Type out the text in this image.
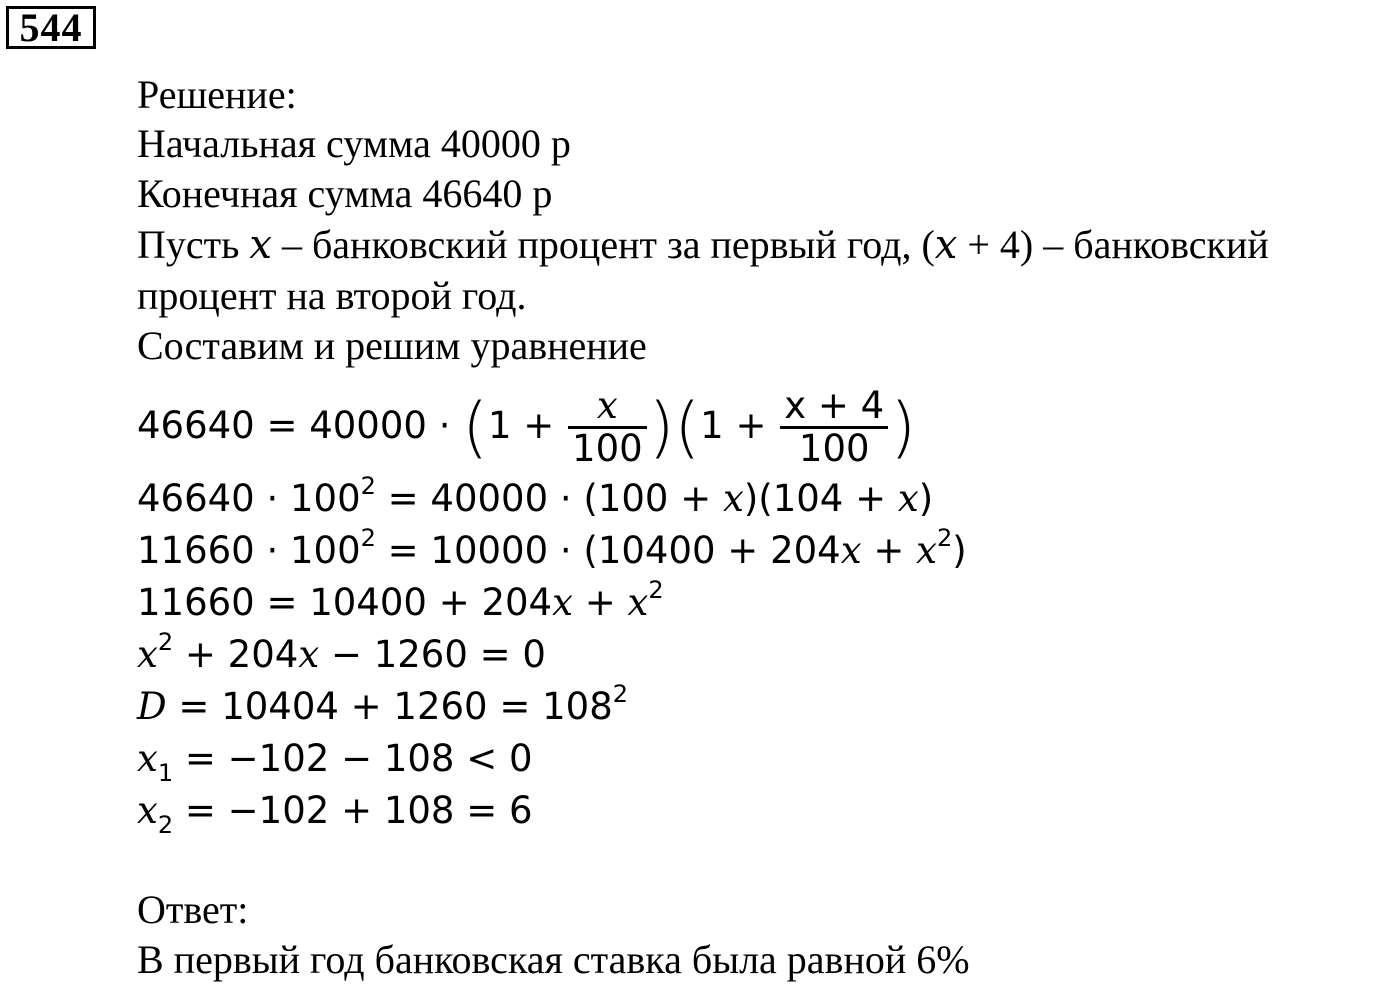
544
Решение:
Начальная сумма 40000 р
Конечная сумма 46640 р
Пусть x – банковский процент за первый год, (x + 4) – банковский
процент на второй год.
Составим и решим уравнение
$46640 = 40000 \cdot (1 + \frac{x}{100} )(1 + \frac{x + 4}{100}$ )
$46640 \cdot 100^2 = 40000 \cdot (100 + x)(104 + x)$
$11660 \cdot 100^2 = 10000 \cdot (10400 + 204x + x^2)$
$11660 = 10400 + 204x + x^2$
$x^2 + 204x - 1260 = 0$
$D = 10404 + 1260 = 108^2$
$x_1 = -102 - 108 < 0$
$x_2 = -102 + 108 = 6$
Ответ:
В первый год банковская ставка была равной 6%
